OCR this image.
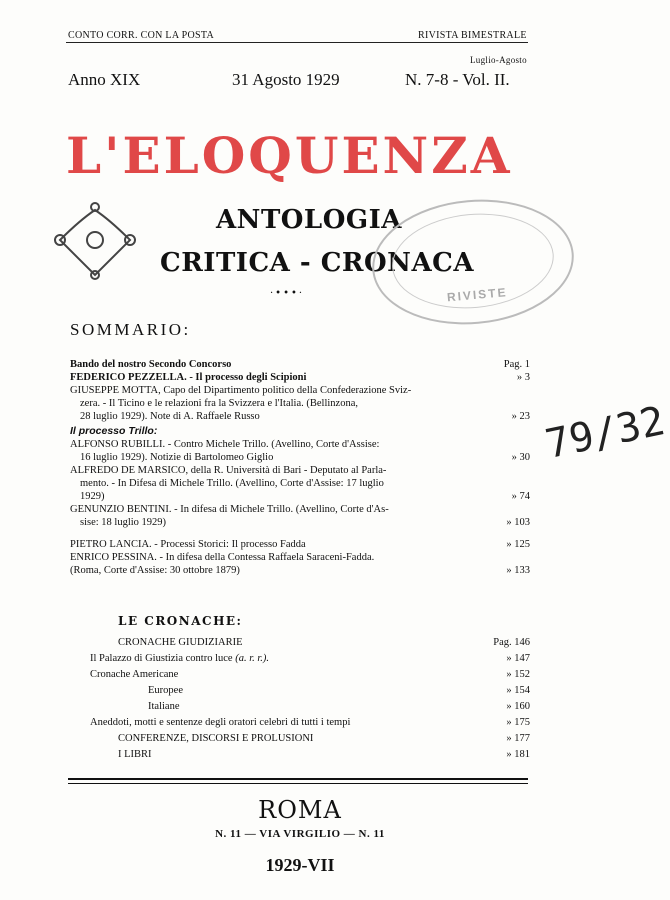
CONTO CORR. CON LA POSTA	RIVISTA BIMESTRALE
Luglio-Agosto
Anno XIX	31 Agosto 1929	N. 7-8 - Vol. II.
L'ELOQUENZA
ANTOLOGIA
CRITICA - CRONACA
·•••·	RIVISTE
79/32
SOMMARIO:
Bando del nostro Secondo Concorso	Pag. 1
FEDERICO PEZZELLA. - Il processo degli Scipioni	» 3
GIUSEPPE MOTTA, Capo del Dipartimento politico della Confederazione Sviz-
zera. - Il Ticino e le relazioni fra la Svizzera e l'Italia. (Bellinzona,
28 luglio 1929). Note di A. Raffaele Russo	» 23
Il processo Trillo:
ALFONSO RUBILLI. - Contro Michele Trillo. (Avellino, Corte d'Assise:
16 luglio 1929). Notizie di Bartolomeo Giglio	» 30
ALFREDO DE MARSICO, della R. Università di Bari - Deputato al Parla-
mento. - In Difesa di Michele Trillo. (Avellino, Corte d'Assise: 17 luglio
1929)	» 74
GENUNZIO BENTINI. - In difesa di Michele Trillo. (Avellino, Corte d'As-
sise: 18 luglio 1929)	» 103
PIETRO LANCIA. - Processi Storici: Il processo Fadda	» 125
ENRICO PESSINA. - In difesa della Contessa Raffaela Saraceni-Fadda.
(Roma, Corte d'Assise: 30 ottobre 1879)	» 133
LE CRONACHE:
CRONACHE GIUDIZIARIE	Pag. 146
Il Palazzo di Giustizia contro luce (a. r. r.).	» 147
Cronache Americane	» 152
Europee	» 154
Italiane	» 160
Aneddoti, motti e sentenze degli oratori celebri di tutti i tempi	» 175
CONFERENZE, DISCORSI E PROLUSIONI	» 177
I LIBRI	» 181
ROMA
N. 11 — VIA VIRGILIO — N. 11
1929-VII
